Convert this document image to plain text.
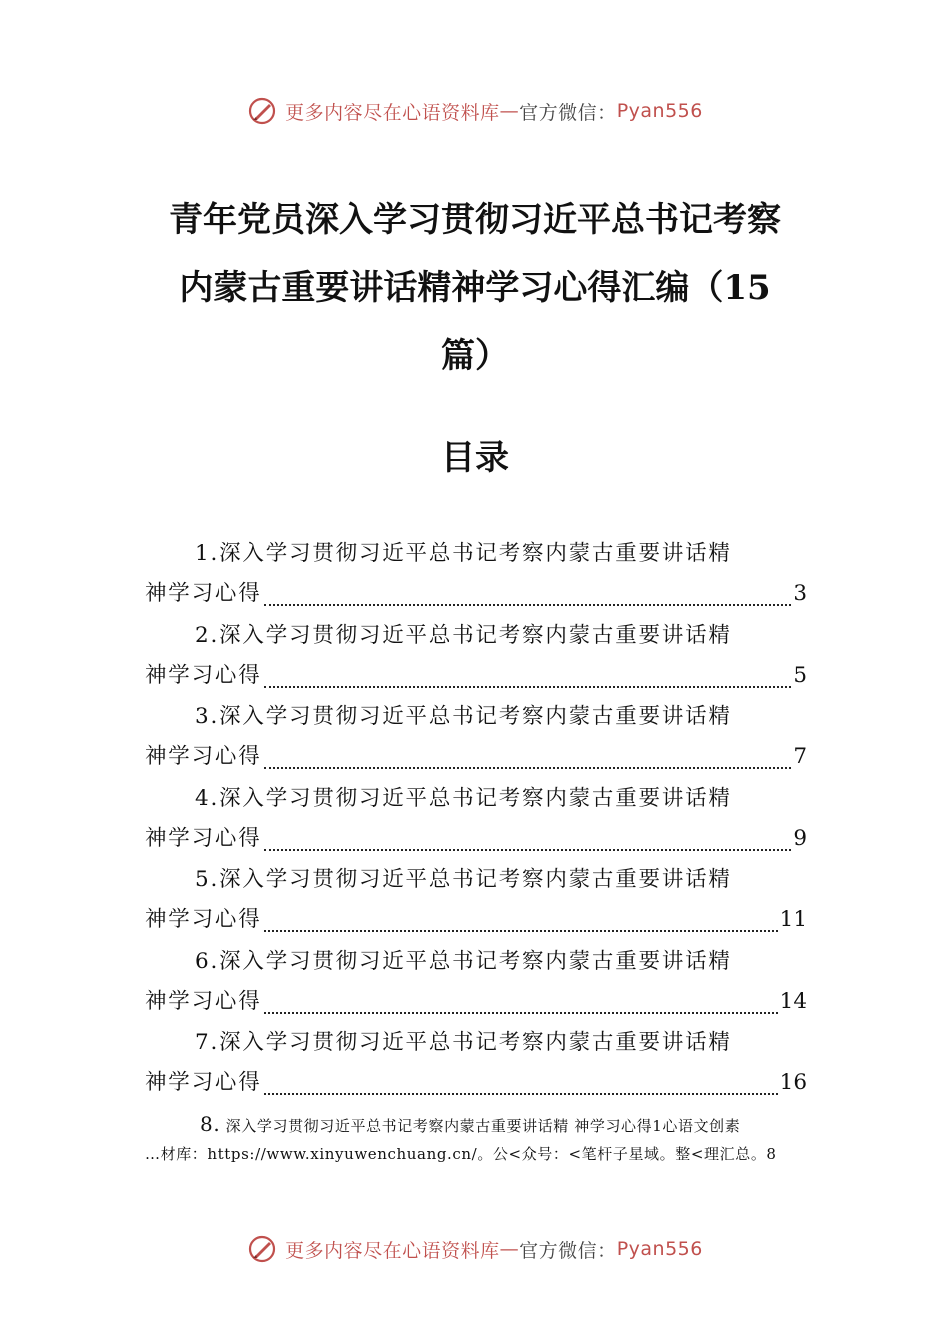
更多内容尽在心语资料库 — 官方微信： Pyan556
青年党员深入学习贯彻习近平总书记考察
内蒙古重要讲话精神学习心得汇编（15
篇）
目录
1.深入学习贯彻习近平总书记考察内蒙古重要讲话精
神学习心得	3
2.深入学习贯彻习近平总书记考察内蒙古重要讲话精
神学习心得	5
3.深入学习贯彻习近平总书记考察内蒙古重要讲话精
神学习心得	7
4.深入学习贯彻习近平总书记考察内蒙古重要讲话精
神学习心得	9
5.深入学习贯彻习近平总书记考察内蒙古重要讲话精
神学习心得	11
6.深入学习贯彻习近平总书记考察内蒙古重要讲话精
神学习心得	14
7.深入学习贯彻习近平总书记考察内蒙古重要讲话精
神学习心得	16
8. 深入学习贯彻习近平总书记考察内蒙古重要讲话精 神学习心得1心语文创素
…材库：https://www.xinyuwenchuang.cn/。公<众号：<笔杆子星域。整<理汇总。8
更多内容尽在心语资料库 — 官方微信： Pyan556
